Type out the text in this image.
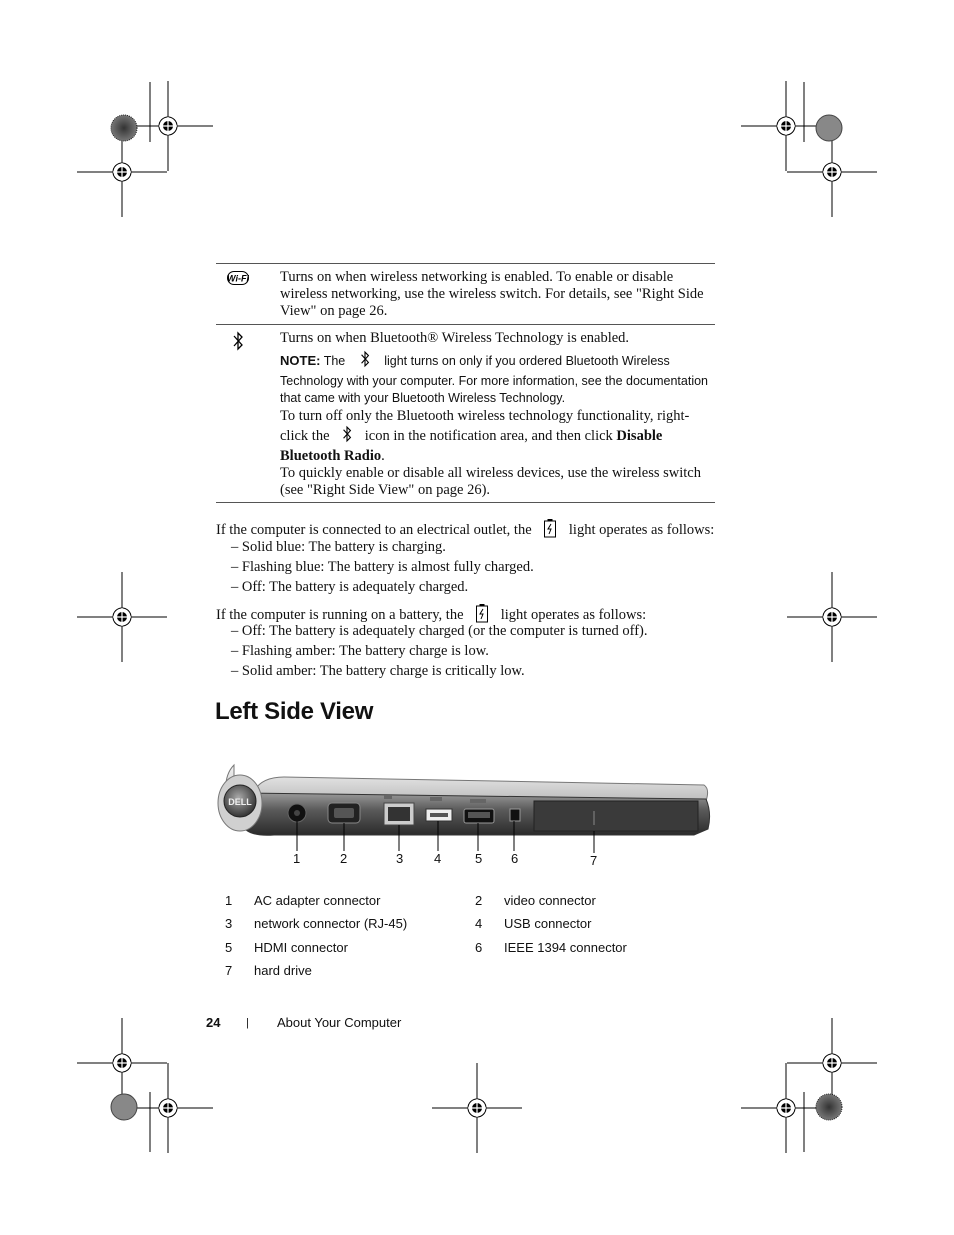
Wi-Fi Turns on when wireless networking is enabled. To enable or disable wireless networking, use the wireless switch. For details, see "Right Side View" on page 26.
Turns on when Bluetooth® Wireless Technology is enabled.
NOTE: The	light turns on only if you ordered Bluetooth Wireless Technology with your computer. For more information, see the documentation that came with your Bluetooth Wireless Technology.
To turn off only the Bluetooth wireless technology functionality, right-click the icon in the notification area, and then click Disable Bluetooth Radio.
To quickly enable or disable all wireless devices, use the wireless switch (see "Right Side View" on page 26).
If the computer is connected to an electrical outlet, the	light operates as follows:
– Solid blue: The battery is charging.
– Flashing blue: The battery is almost fully charged.
– Off: The battery is adequately charged.
If the computer is running on a battery, the	light operates as follows:
– Off: The battery is adequately charged (or the computer is turned off).
– Flashing amber: The battery charge is low.
– Solid amber: The battery charge is critically low.
Left Side View
DELL
1	2	3 4	5 6	7
1 AC adapter connector	2 video connector
3 network connector (RJ-45)	4 USB connector
5 HDMI connector	6 IEEE 1394 connector
7 hard drive
24 | About Your Computer
